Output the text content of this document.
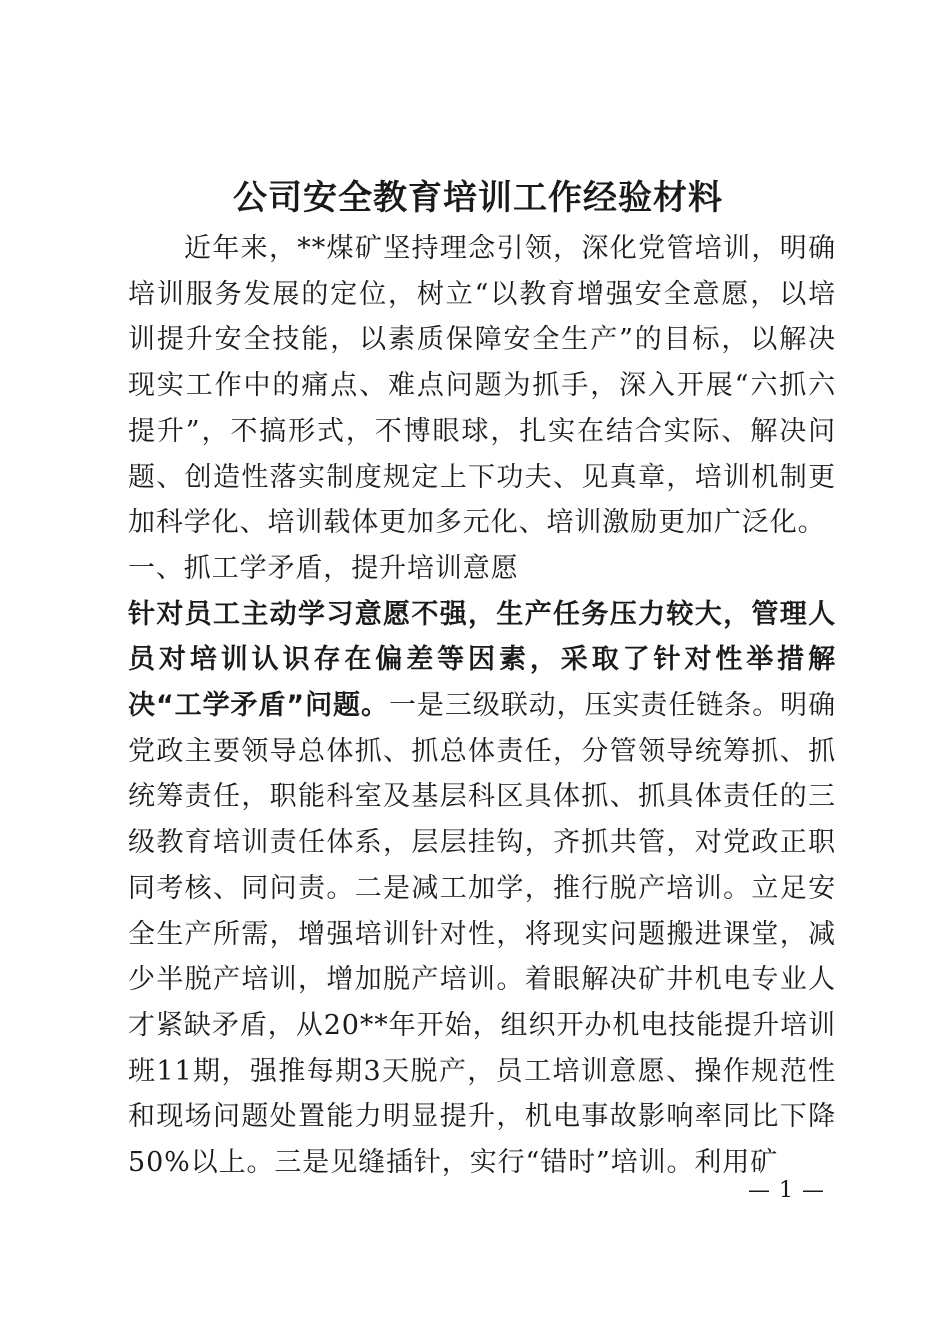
公司安全教育培训工作经验材料

近年来，**煤矿坚持理念引领，深化党管培训，明确培训服务发展的定位，树立“以教育增强安全意愿，以培训提升安全技能，以素质保障安全生产”的目标，以解决现实工作中的痛点、难点问题为抓手，深入开展“六抓六提升”，不搞形式，不博眼球，扎实在结合实际、解决问题、创造性落实制度规定上下功夫、见真章，培训机制更加科学化、培训载体更加多元化、培训激励更加广泛化。

一、抓工学矛盾，提升培训意愿

针对员工主动学习意愿不强，生产任务压力较大，管理人员对培训认识存在偏差等因素，采取了针对性举措解决“工学矛盾”问题。一是三级联动，压实责任链条。明确党政主要领导总体抓、抓总体责任，分管领导统筹抓、抓统筹责任，职能科室及基层科区具体抓、抓具体责任的三级教育培训责任体系，层层挂钩，齐抓共管，对党政正职同考核、同问责。二是减工加学，推行脱产培训。立足安全生产所需，增强培训针对性，将现实问题搬进课堂，减少半脱产培训，增加脱产培训。着眼解决矿井机电专业人才紧缺矛盾，从20**年开始，组织开办机电技能提升培训班11期，强推每期3天脱产，员工培训意愿、操作规范性和现场问题处置能力明显提升，机电事故影响率同比下降50%以上。三是见缝插针，实行“错时”培训。利用矿

— 1 —
